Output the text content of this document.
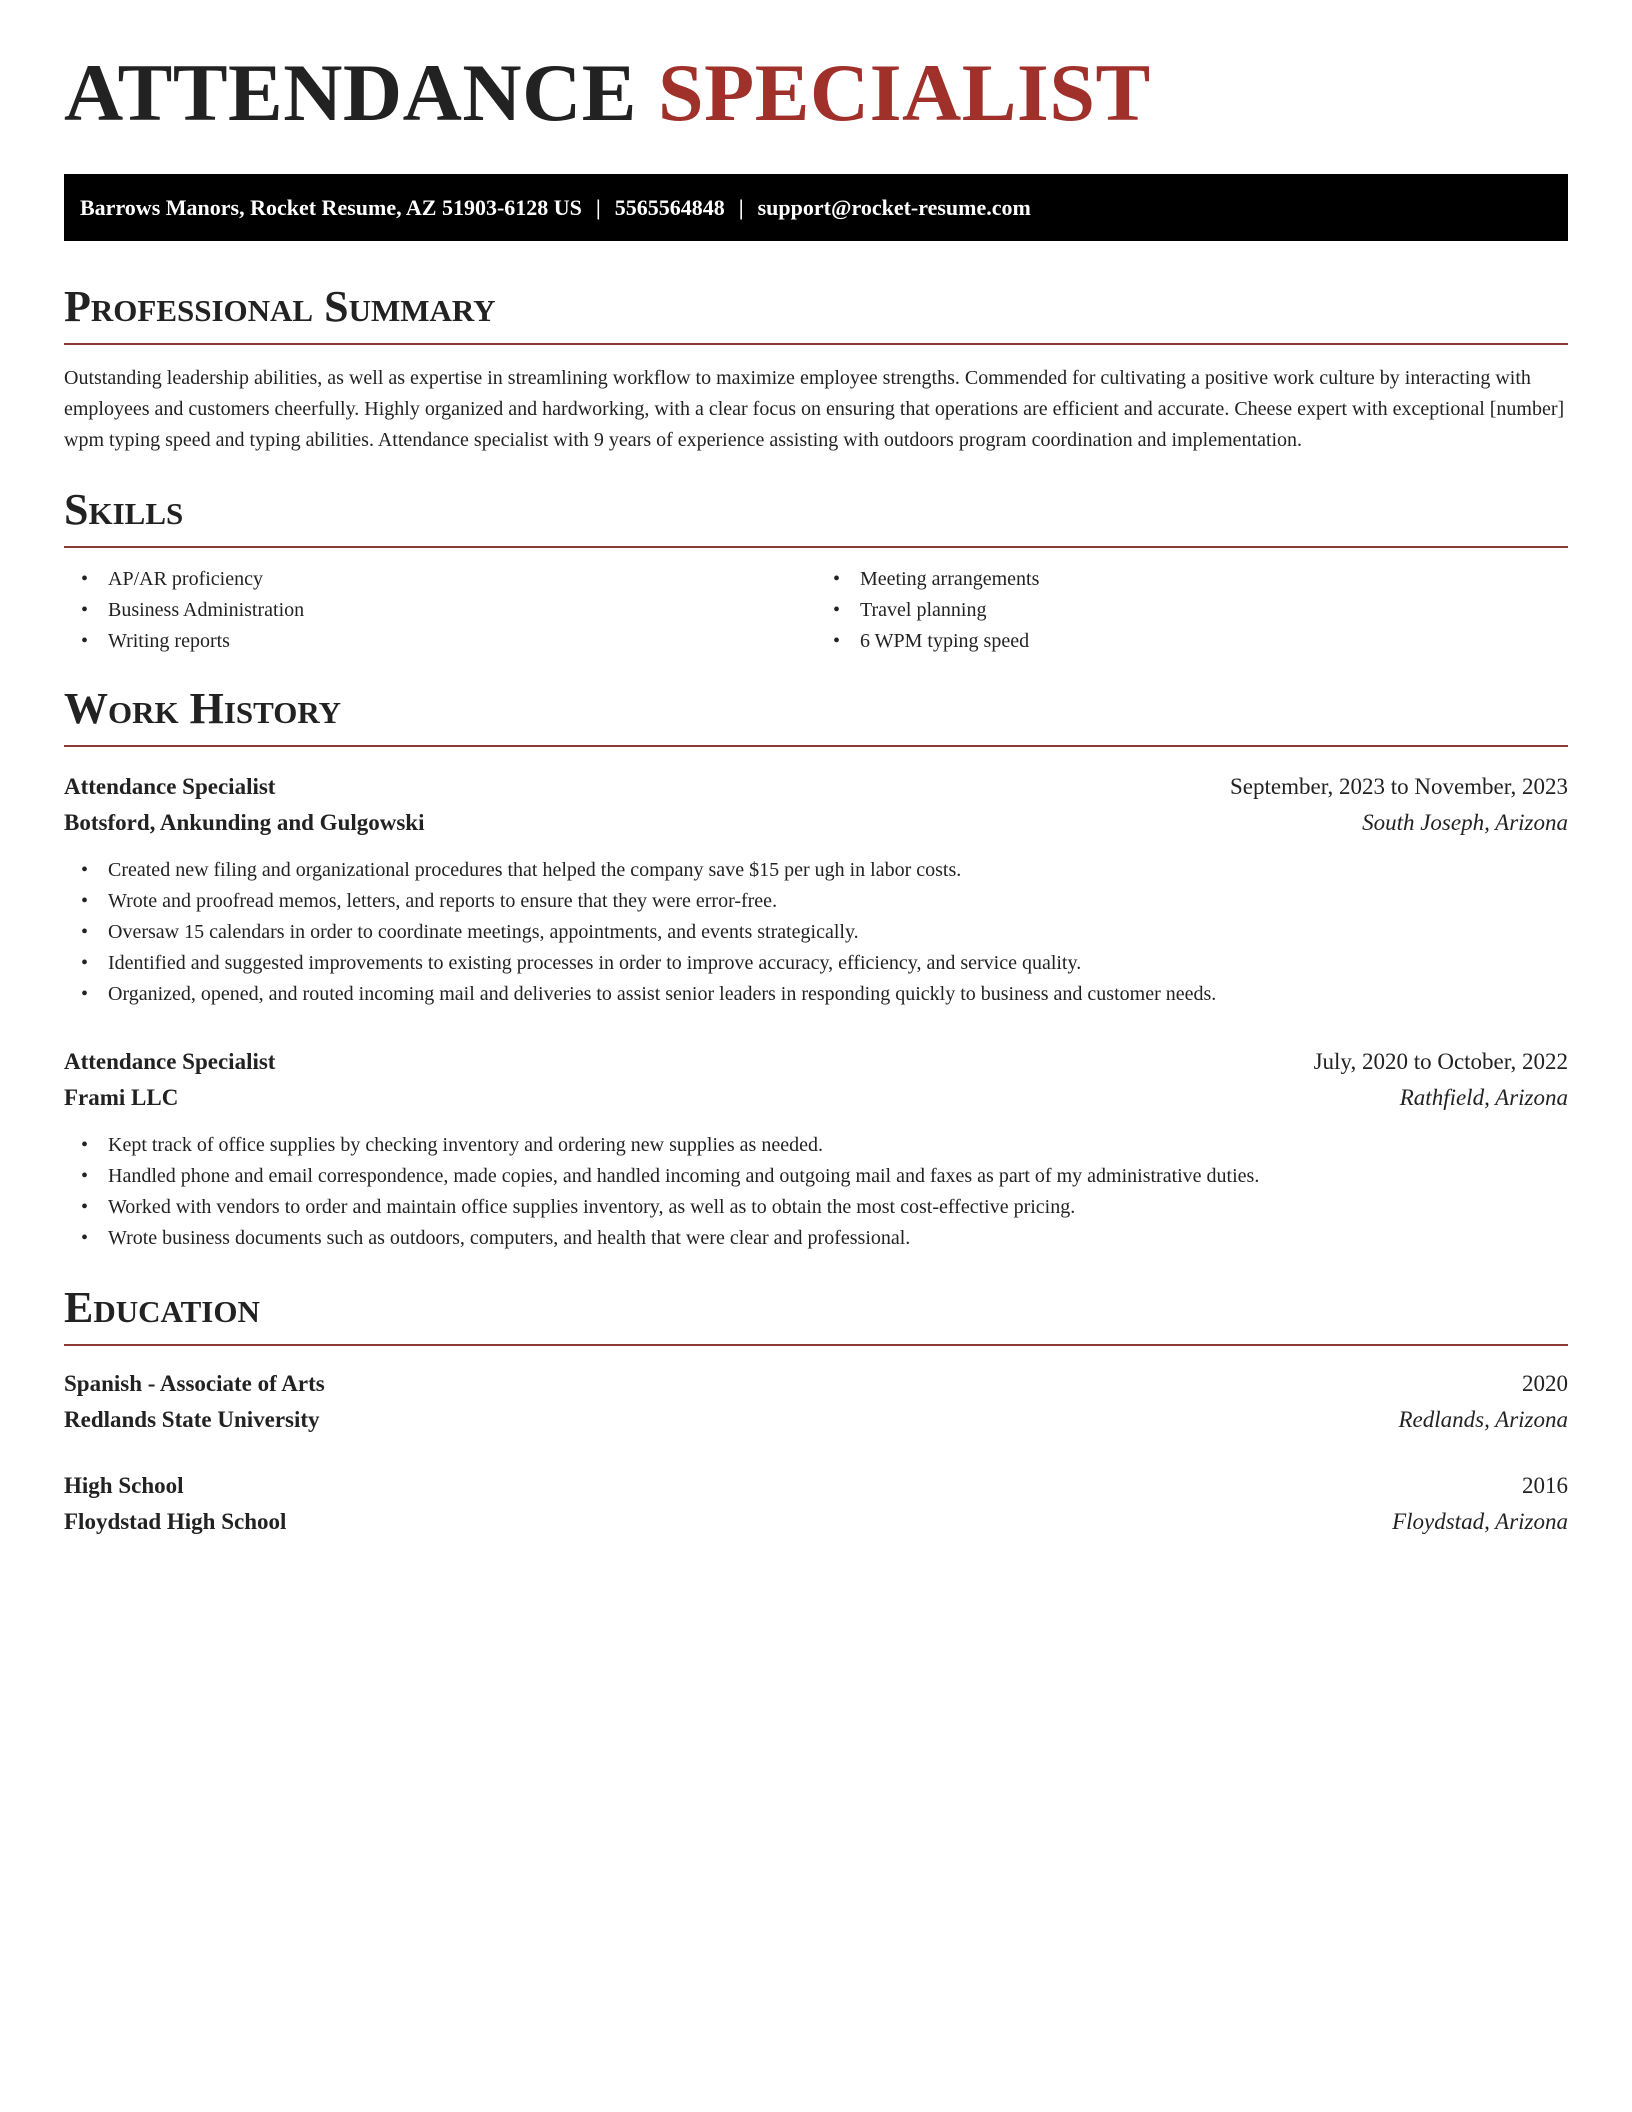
ATTENDANCE SPECIALIST
Barrows Manors, Rocket Resume, AZ 51903-6128 US | 5565564848 | support@rocket-resume.com
Professional Summary

Outstanding leadership abilities, as well as expertise in streamlining workflow to maximize employee strengths. Commended for cultivating a positive work culture by interacting with employees and customers cheerfully. Highly organized and hardworking, with a clear focus on ensuring that operations are efficient and accurate. Cheese expert with exceptional [number] wpm typing speed and typing abilities. Attendance specialist with 9 years of experience assisting with outdoors program coordination and implementation.

Skills
• AP/AR proficiency
• Business Administration
• Writing reports
• Meeting arrangements
• Travel planning
• 6 WPM typing speed
Work History
Attendance Specialist	September, 2023 to November, 2023
Botsford, Ankunding and Gulgowski	South Joseph, Arizona
• Created new filing and organizational procedures that helped the company save $15 per ugh in labor costs.
• Wrote and proofread memos, letters, and reports to ensure that they were error-free.
• Oversaw 15 calendars in order to coordinate meetings, appointments, and events strategically.
• Identified and suggested improvements to existing processes in order to improve accuracy, efficiency, and service quality.
• Organized, opened, and routed incoming mail and deliveries to assist senior leaders in responding quickly to business and customer needs.
Attendance Specialist	July, 2020 to October, 2022
Frami LLC	Rathfield, Arizona
• Kept track of office supplies by checking inventory and ordering new supplies as needed.
• Handled phone and email correspondence, made copies, and handled incoming and outgoing mail and faxes as part of my administrative duties.
• Worked with vendors to order and maintain office supplies inventory, as well as to obtain the most cost-effective pricing.
• Wrote business documents such as outdoors, computers, and health that were clear and professional.
Education
Spanish - Associate of Arts	2020
Redlands State University	Redlands, Arizona
High School	2016
Floydstad High School	Floydstad, Arizona
